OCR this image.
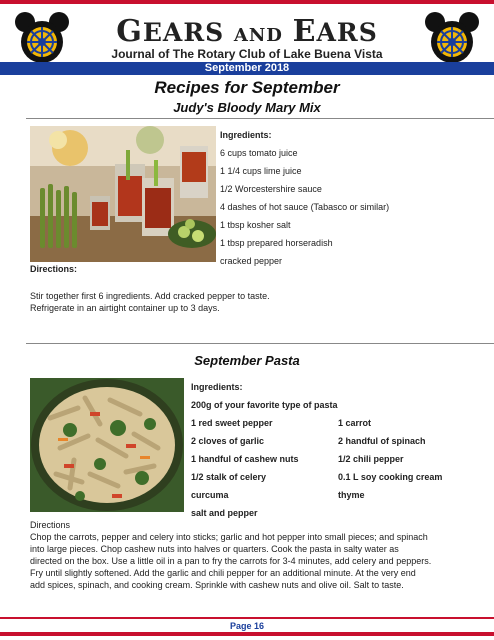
GEARS AND EARS
Journal of The Rotary Club of Lake Buena Vista
September 2018
Recipes for September
Judy's Bloody Mary Mix
Ingredients:
6 cups tomato juice
1 1/4 cups lime juice
1/2 Worcestershire sauce
4 dashes of hot sauce (Tabasco or similar)
1 tbsp kosher salt
1 tbsp prepared horseradish
cracked pepper
Directions:
Stir together first 6 ingredients. Add cracked pepper to taste.
Refrigerate in an airtight container up to 3 days.
September Pasta
Ingredients:
200g of your favorite type of pasta
1 red sweet pepper	1 carrot
2 cloves of garlic	2 handful of spinach
1 handful of cashew nuts	1/2 chili pepper
1/2 stalk of celery	0.1 L soy cooking cream
curcuma	thyme
salt and pepper
Directions
Chop the carrots, pepper and celery into sticks; garlic and hot pepper into small pieces; and spinach
into large pieces. Chop cashew nuts into halves or quarters. Cook the pasta in salty water as
directed on the box. Use a little oil in a pan to fry the carrots for 3-4 minutes, add celery and peppers.
Fry until slightly softened. Add the garlic and chili pepper for an additional minute. At the very end
add spices, spinach, and cooking cream. Sprinkle with cashew nuts and olive oil. Salt to taste.
Page 16
